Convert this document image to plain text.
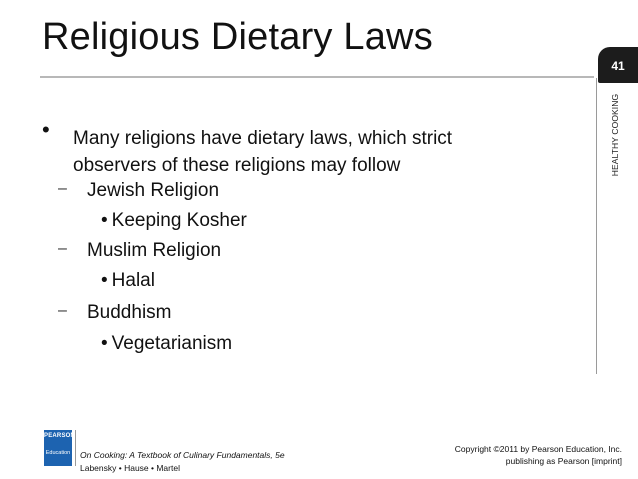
Religious Dietary Laws
41
HEALTHY COOKING
• Many religions have dietary laws, which strict observers of these religions may follow
– Jewish Religion
• Keeping Kosher
– Muslim Religion
• Halal
– Buddhism
• Vegetarianism
PEARSON
Education On Cooking: A Textbook of Culinary Fundamentals, 5e
Labensky • Hause • Martel
Copyright ©2011 by Pearson Education, Inc.
publishing as Pearson [imprint]
